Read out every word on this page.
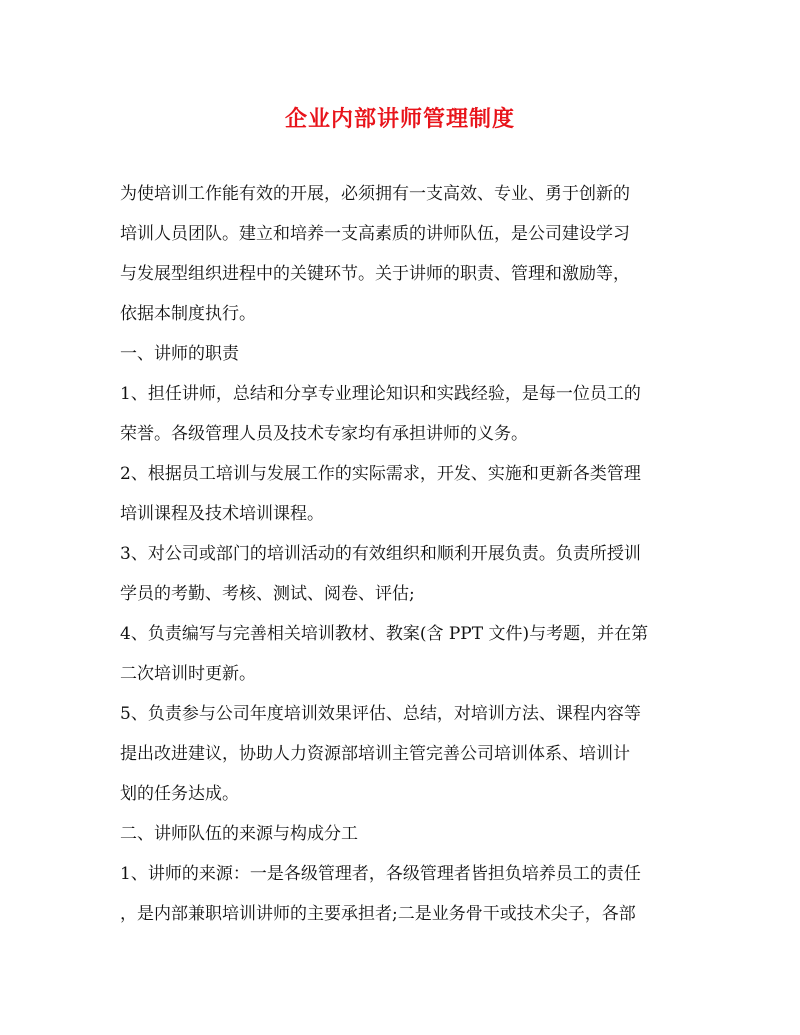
企业内部讲师管理制度
为使培训工作能有效的开展，必须拥有一支高效、专业、勇于创新的
培训人员团队。建立和培养一支高素质的讲师队伍，是公司建设学习
与发展型组织进程中的关键环节。关于讲师的职责、管理和激励等，
依据本制度执行。
一、讲师的职责
1、担任讲师，总结和分享专业理论知识和实践经验，是每一位员工的
荣誉。各级管理人员及技术专家均有承担讲师的义务。
2、根据员工培训与发展工作的实际需求，开发、实施和更新各类管理
培训课程及技术培训课程。
3、对公司或部门的培训活动的有效组织和顺利开展负责。负责所授训
学员的考勤、考核、测试、阅卷、评估;
4、负责编写与完善相关培训教材、教案(含 PPT 文件)与考题，并在第
二次培训时更新。
5、负责参与公司年度培训效果评估、总结，对培训方法、课程内容等
提出改进建议，协助人力资源部培训主管完善公司培训体系、培训计
划的任务达成。
二、讲师队伍的来源与构成分工
1、讲师的来源：一是各级管理者，各级管理者皆担负培养员工的责任
，是内部兼职培训讲师的主要承担者;二是业务骨干或技术尖子，各部
